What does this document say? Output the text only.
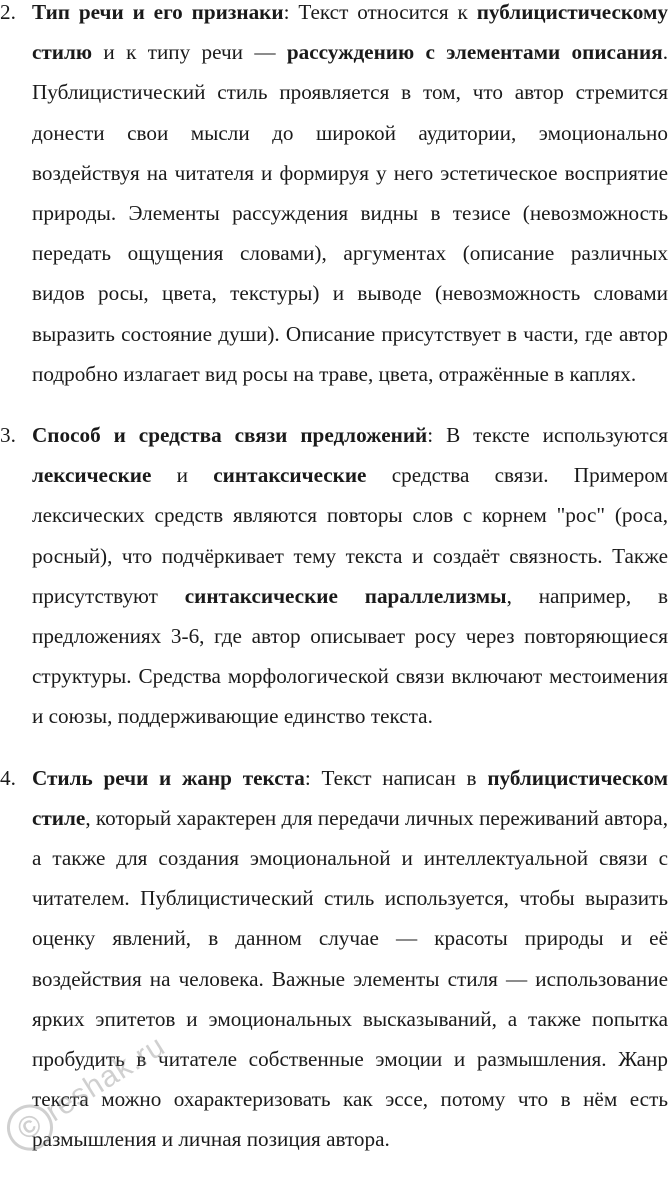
2. Тип речи и его признаки: Текст относится к публицистическому стилю и к типу речи — рассуждению с элементами описания. Публицистический стиль проявляется в том, что автор стремится донести свои мысли до широкой аудитории, эмоционально воздействуя на читателя и формируя у него эстетическое восприятие природы. Элементы рассуждения видны в тезисе (невозможность передать ощущения словами), аргументах (описание различных видов росы, цвета, текстуры) и выводе (невозможность словами выразить состояние души). Описание присутствует в части, где автор подробно излагает вид росы на траве, цвета, отражённые в каплях.
3. Способ и средства связи предложений: В тексте используются лексические и синтаксические средства связи. Примером лексических средств являются повторы слов с корнем "рос" (роса, росный), что подчёркивает тему текста и создаёт связность. Также присутствуют синтаксические параллелизмы, например, в предложениях 3-6, где автор описывает росу через повторяющиеся структуры. Средства морфологической связи включают местоимения и союзы, поддерживающие единство текста.
4. Стиль речи и жанр текста: Текст написан в публицистическом стиле, который характерен для передачи личных переживаний автора, а также для создания эмоциональной и интеллектуальной связи с читателем. Публицистический стиль используется, чтобы выразить оценку явлений, в данном случае — красоты природы и её воздействия на человека. Важные элементы стиля — использование ярких эпитетов и эмоциональных высказываний, а также попытка пробудить в читателе собственные эмоции и размышления. Жанр текста можно охарактеризовать как эссе, потому что в нём есть размышления и личная позиция автора.
©
reshak.ru
